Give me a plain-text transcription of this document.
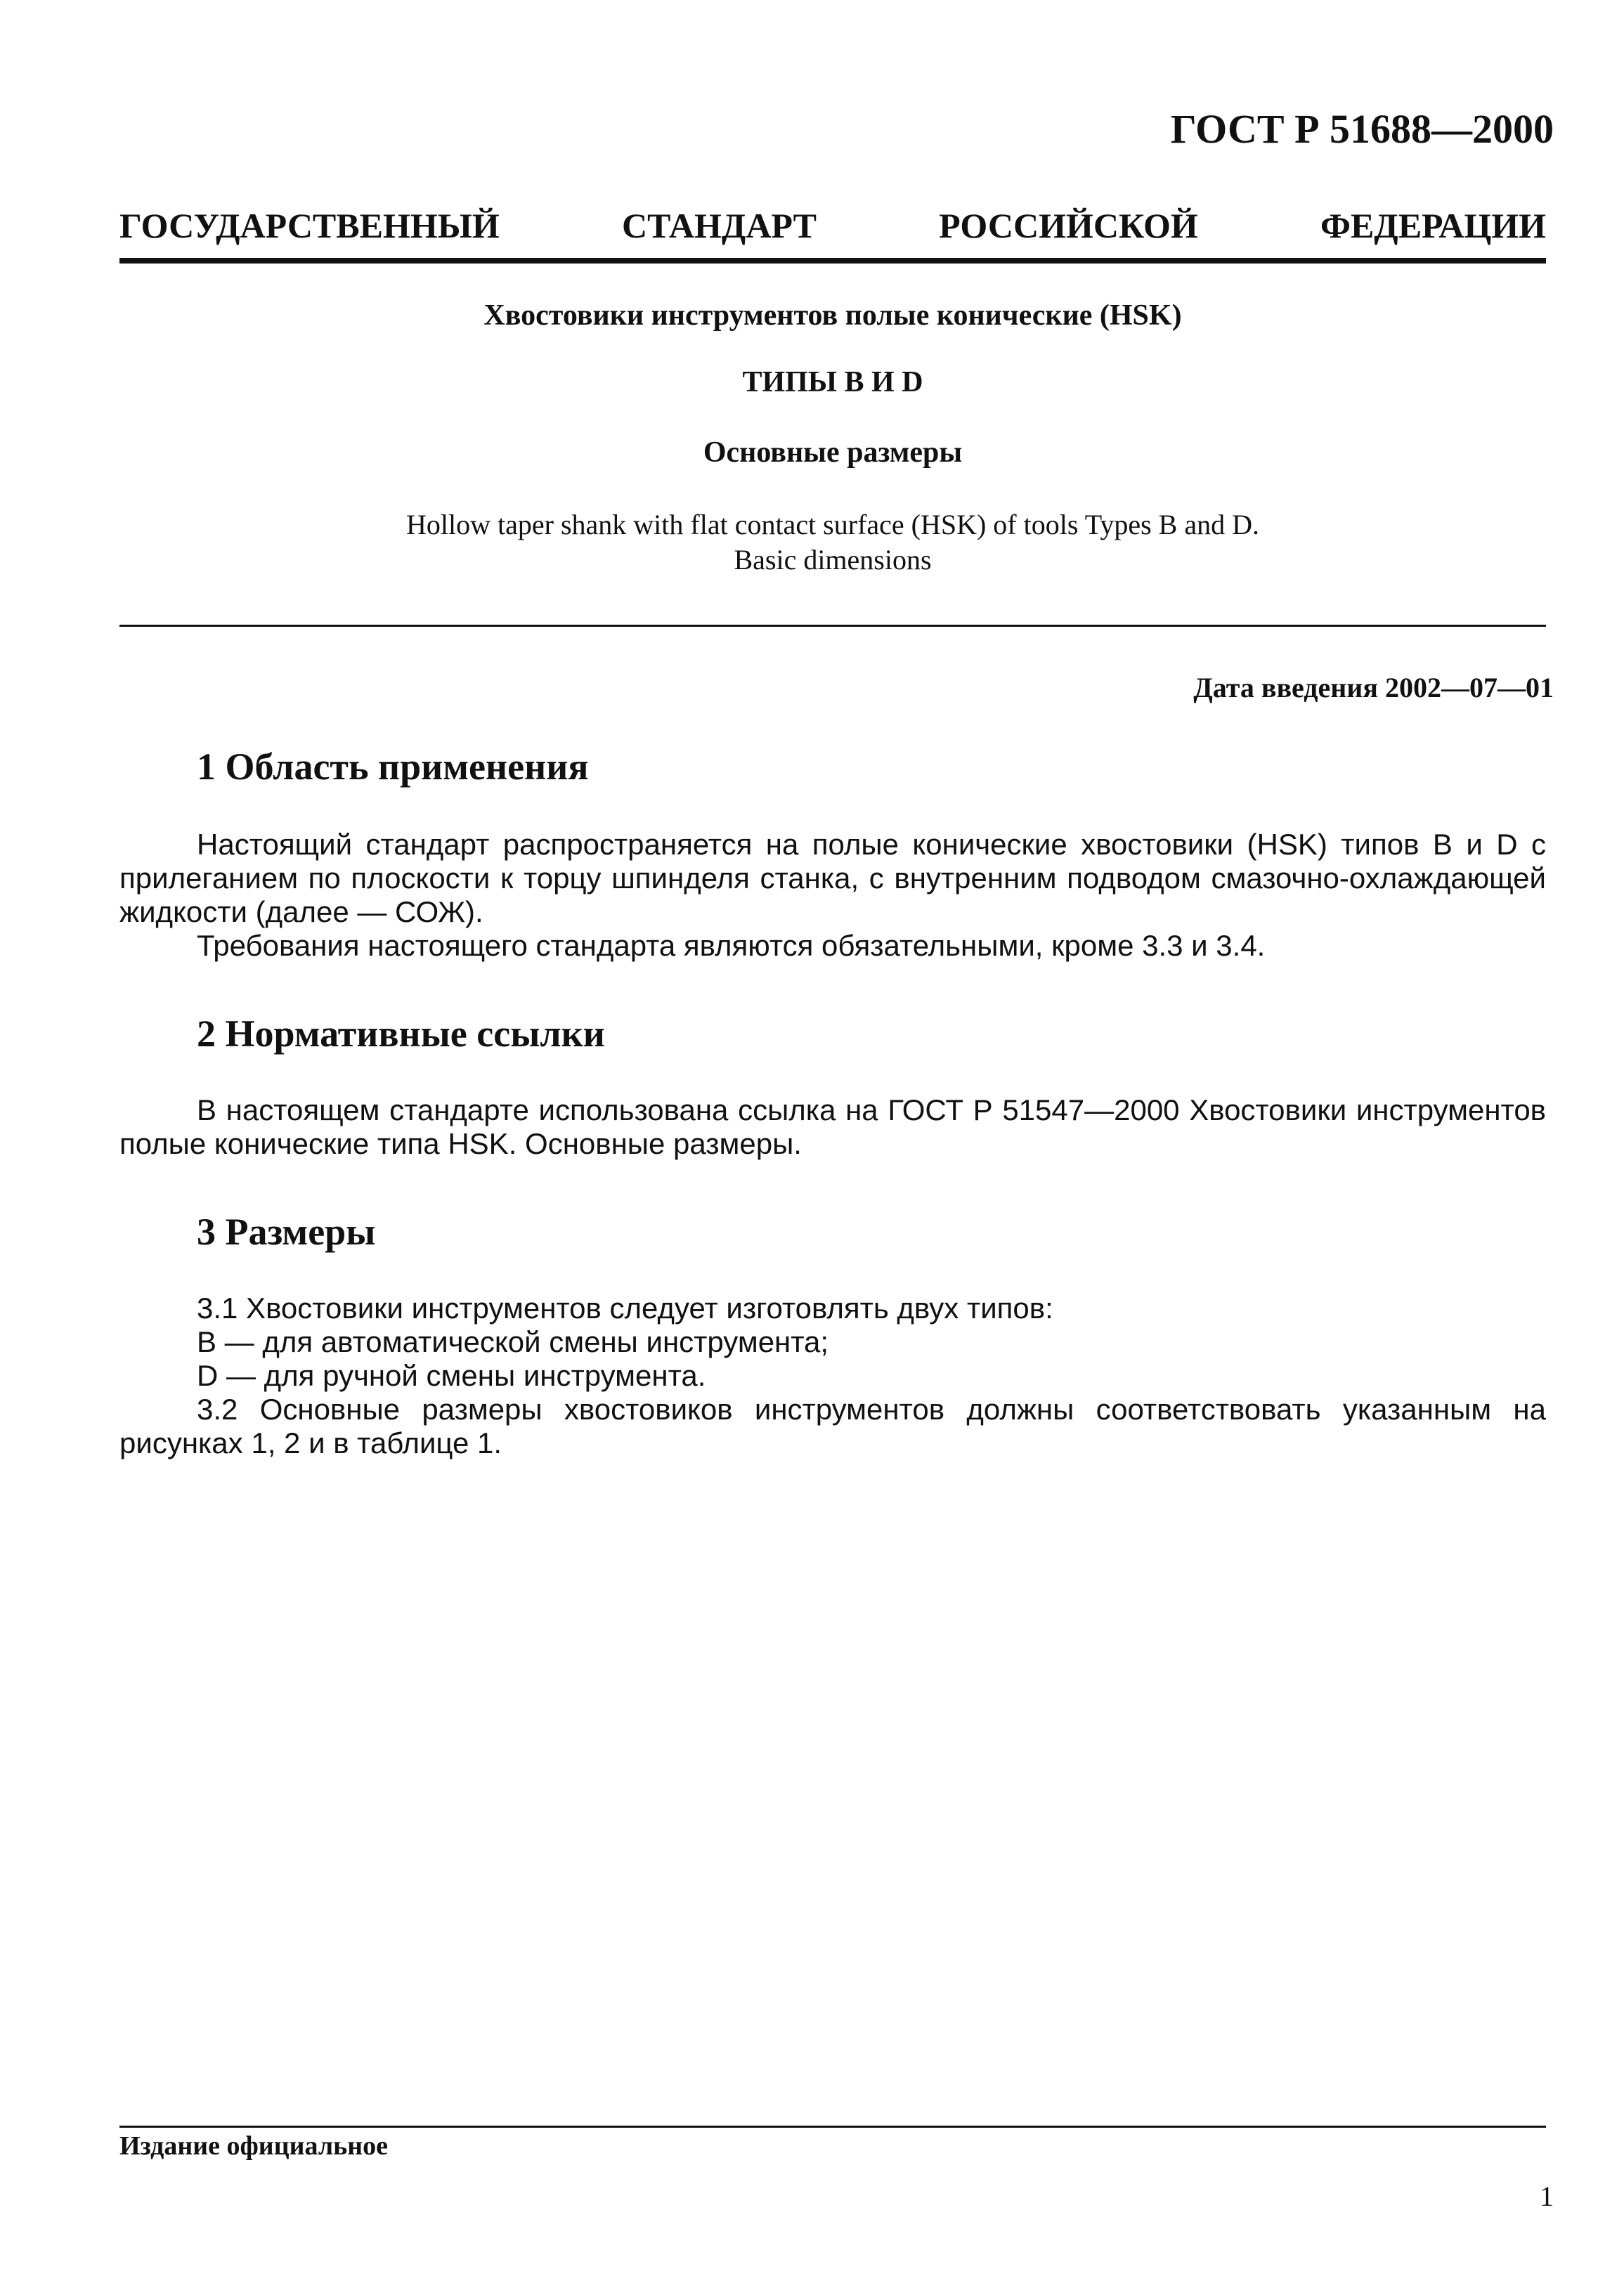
ГОСТ Р 51688—2000
ГОСУДАРСТВЕННЫЙ СТАНДАРТ РОССИЙСКОЙ ФЕДЕРАЦИИ
Хвостовики инструментов полые конические (HSK)
ТИПЫ В И D
Основные размеры
Hollow taper shank with flat contact surface (HSK) of tools Types B and D.
Basic dimensions
Дата введения 2002—07—01
1 Область применения

Настоящий стандарт распространяется на полые конические хвостовики (HSK) типов B и D с прилеганием по плоскости к торцу шпинделя станка, с внутренним подводом смазочно-охлаждающей жидкости (далее — СОЖ).

Требования настоящего стандарта являются обязательными, кроме 3.3 и 3.4.

2 Нормативные ссылки

В настоящем стандарте использована ссылка на ГОСТ Р 51547—2000 Хвостовики инструментов полые конические типа HSK. Основные размеры.

3 Размеры

3.1 Хвостовики инструментов следует изготовлять двух типов:

B — для автоматической смены инструмента;

D — для ручной смены инструмента.

3.2 Основные размеры хвостовиков инструментов должны соответствовать указанным на рисунках 1, 2 и в таблице 1.

Издание официальное
1
